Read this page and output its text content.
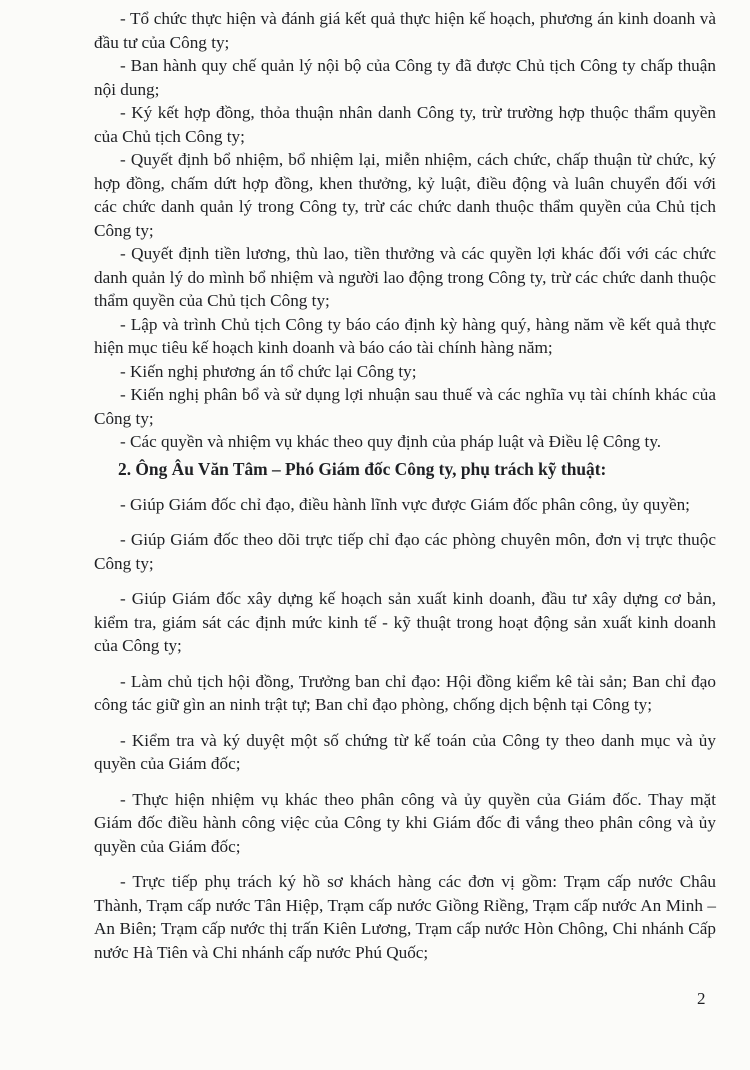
- Tổ chức thực hiện và đánh giá kết quả thực hiện kế hoạch, phương án kinh doanh và đầu tư của Công ty;

- Ban hành quy chế quản lý nội bộ của Công ty đã được Chủ tịch Công ty chấp thuận nội dung;

- Ký kết hợp đồng, thỏa thuận nhân danh Công ty, trừ trường hợp thuộc thẩm quyền của Chủ tịch Công ty;

- Quyết định bổ nhiệm, bổ nhiệm lại, miễn nhiệm, cách chức, chấp thuận từ chức, ký hợp đồng, chấm dứt hợp đồng, khen thưởng, kỷ luật, điều động và luân chuyển đối với các chức danh quản lý trong Công ty, trừ các chức danh thuộc thẩm quyền của Chủ tịch Công ty;

- Quyết định tiền lương, thù lao, tiền thưởng và các quyền lợi khác đối với các chức danh quản lý do mình bổ nhiệm và người lao động trong Công ty, trừ các chức danh thuộc thẩm quyền của Chủ tịch Công ty;

- Lập và trình Chủ tịch Công ty báo cáo định kỳ hàng quý, hàng năm về kết quả thực hiện mục tiêu kế hoạch kinh doanh và báo cáo tài chính hàng năm;

- Kiến nghị phương án tổ chức lại Công ty;

- Kiến nghị phân bổ và sử dụng lợi nhuận sau thuế và các nghĩa vụ tài chính khác của Công ty;

- Các quyền và nhiệm vụ khác theo quy định của pháp luật và Điều lệ Công ty.

2. Ông Âu Văn Tâm – Phó Giám đốc Công ty, phụ trách kỹ thuật:

- Giúp Giám đốc chỉ đạo, điều hành lĩnh vực được Giám đốc phân công, ủy quyền;

- Giúp Giám đốc theo dõi trực tiếp chỉ đạo các phòng chuyên môn, đơn vị trực thuộc Công ty;

- Giúp Giám đốc xây dựng kế hoạch sản xuất kinh doanh, đầu tư xây dựng cơ bản, kiểm tra, giám sát các định mức kinh tế - kỹ thuật trong hoạt động sản xuất kinh doanh của Công ty;

- Làm chủ tịch hội đồng, Trưởng ban chỉ đạo: Hội đồng kiểm kê tài sản; Ban chỉ đạo công tác giữ gìn an ninh trật tự; Ban chỉ đạo phòng, chống dịch bệnh tại Công ty;

- Kiểm tra và ký duyệt một số chứng từ kế toán của Công ty theo danh mục và ủy quyền của Giám đốc;

- Thực hiện nhiệm vụ khác theo phân công và ủy quyền của Giám đốc. Thay mặt Giám đốc điều hành công việc của Công ty khi Giám đốc đi vắng theo phân công và ủy quyền của Giám đốc;

- Trực tiếp phụ trách ký hồ sơ khách hàng các đơn vị gồm: Trạm cấp nước Châu Thành, Trạm cấp nước Tân Hiệp, Trạm cấp nước Giồng Riềng, Trạm cấp nước An Minh – An Biên; Trạm cấp nước thị trấn Kiên Lương, Trạm cấp nước Hòn Chông, Chi nhánh Cấp nước Hà Tiên và Chi nhánh cấp nước Phú Quốc;

2
